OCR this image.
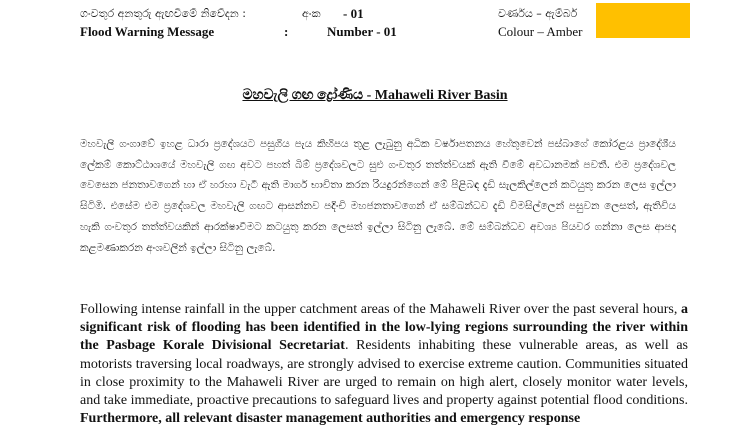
ගංවතුර අනතුරු ඇඟවීමේ නිවේදන :	අංක - 01	වර්ණය – ඇම්බර්
Flood Warning Message	:	Number - 01	Colour – Amber
මහවැලි ගඟ ද්‍රෝණිය - Mahaweli River Basin
මහවැලි ගංගාවේ ඉහළ ධාරා ප්‍රදේශයට පසුගිය පැය කිහිපය තුළ ලැබුනු අධික වර්ෂාපතනය හේතුවෙන් පස්බාගේ කෝරළය ප්‍රාදේශීය ලේකම් කොට්ඨාශයේ මහවැලි ගඟ අවට පහත් බිම් ප්‍රදේශවලට සුළු ගංවතුර තත්ත්වයක් ඇති වීමේ අවධානමක් පවතී. එම ප්‍රදේශවල වෙසෙන ජනතාවගෙන් හා ඒ හරහා වැටී ඇති මාර්ග භාවිතා කරන රියදුරන්ගෙන් මේ පිළිබඳ දැඩි සැලකිල්ලෙන් කටයුතු කරන ලෙස ඉල්ලා සිටිමි. එසේම එම ප්‍රදේශවල මහවැලි ගඟට ආසන්නව පදිංචි මහජනතාවගෙන් ඒ සම්බන්ධව දැඩි විමසිල්ලෙන් පසුවන ලෙසත්, ඇතිවිය හැකි ගංවතුර තත්ත්වයකින් ආරක්ෂාවීමට කටයුතු කරන ලෙසත් ඉල්ලා සිටිනු ලැබේ. මේ සම්බන්ධව අවශ්‍ය පියවර ගන්නා ලෙස ආපදා කළමණාකරන අංශවලින් ඉල්ලා සිටිනු ලැබේ.
Following intense rainfall in the upper catchment areas of the Mahaweli River over the past several hours, a significant risk of flooding has been identified in the low-lying regions surrounding the river within the Pasbage Korale Divisional Secretariat. Residents inhabiting these vulnerable areas, as well as motorists traversing local roadways, are strongly advised to exercise extreme caution. Communities situated in close proximity to the Mahaweli River are urged to remain on high alert, closely monitor water levels, and take immediate, proactive precautions to safeguard lives and property against potential flood conditions. Furthermore, all relevant disaster management authorities and emergency response
